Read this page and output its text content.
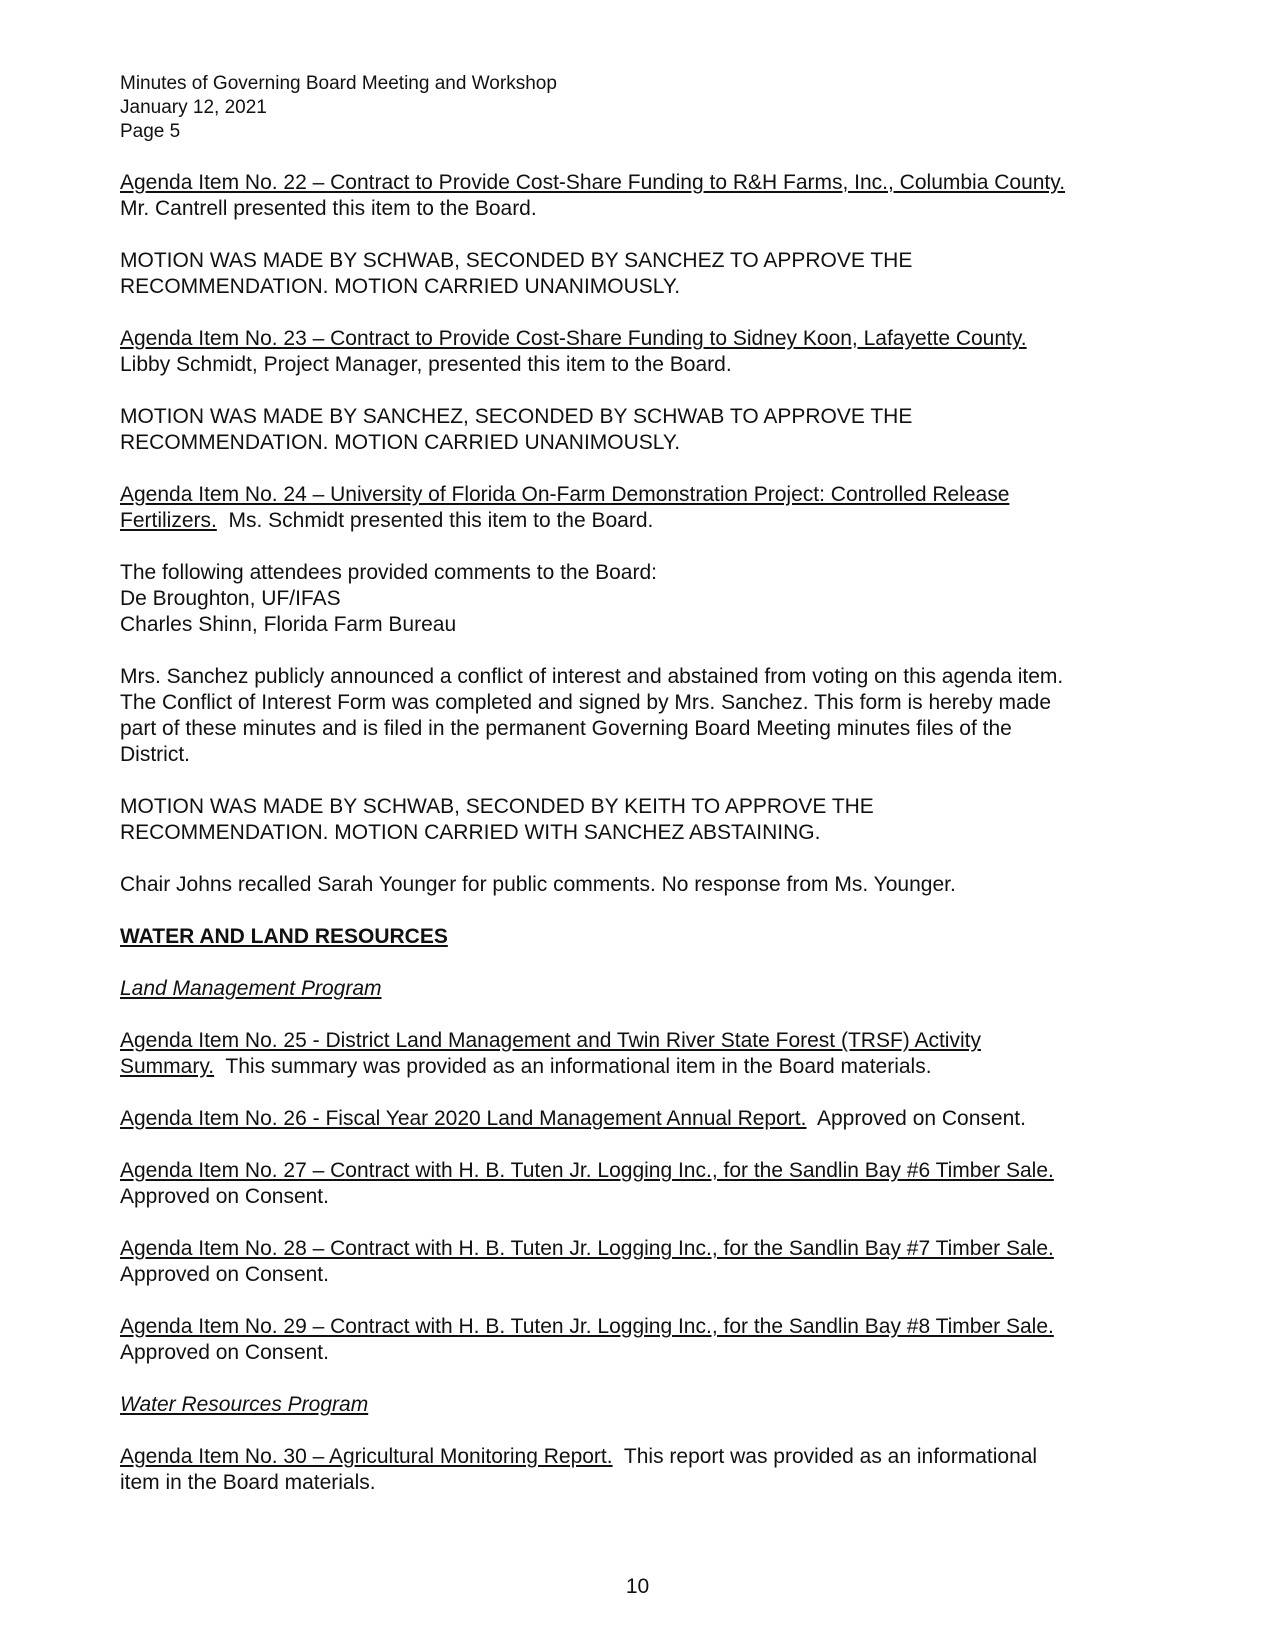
Minutes of Governing Board Meeting and Workshop

January 12, 2021

Page 5

Agenda Item No. 22 – Contract to Provide Cost-Share Funding to R&H Farms, Inc., Columbia County.
Mr. Cantrell presented this item to the Board.

MOTION WAS MADE BY SCHWAB, SECONDED BY SANCHEZ TO APPROVE THE
RECOMMENDATION. MOTION CARRIED UNANIMOUSLY.

Agenda Item No. 23 – Contract to Provide Cost-Share Funding to Sidney Koon, Lafayette County.
Libby Schmidt, Project Manager, presented this item to the Board.

MOTION WAS MADE BY SANCHEZ, SECONDED BY SCHWAB TO APPROVE THE
RECOMMENDATION. MOTION CARRIED UNANIMOUSLY.

Agenda Item No. 24 – University of Florida On-Farm Demonstration Project: Controlled Release
Fertilizers.  Ms. Schmidt presented this item to the Board.

The following attendees provided comments to the Board:
De Broughton, UF/IFAS
Charles Shinn, Florida Farm Bureau

Mrs. Sanchez publicly announced a conflict of interest and abstained from voting on this agenda item.
The Conflict of Interest Form was completed and signed by Mrs. Sanchez. This form is hereby made
part of these minutes and is filed in the permanent Governing Board Meeting minutes files of the
District.

MOTION WAS MADE BY SCHWAB, SECONDED BY KEITH TO APPROVE THE
RECOMMENDATION. MOTION CARRIED WITH SANCHEZ ABSTAINING.

Chair Johns recalled Sarah Younger for public comments. No response from Ms. Younger.

WATER AND LAND RESOURCES

Land Management Program

Agenda Item No. 25 - District Land Management and Twin River State Forest (TRSF) Activity
Summary.  This summary was provided as an informational item in the Board materials.

Agenda Item No. 26 - Fiscal Year 2020 Land Management Annual Report.  Approved on Consent.

Agenda Item No. 27 – Contract with H. B. Tuten Jr. Logging Inc., for the Sandlin Bay #6 Timber Sale.
Approved on Consent.

Agenda Item No. 28 – Contract with H. B. Tuten Jr. Logging Inc., for the Sandlin Bay #7 Timber Sale.
Approved on Consent.

Agenda Item No. 29 – Contract with H. B. Tuten Jr. Logging Inc., for the Sandlin Bay #8 Timber Sale.
Approved on Consent.

Water Resources Program

Agenda Item No. 30 – Agricultural Monitoring Report.  This report was provided as an informational
item in the Board materials.

10
